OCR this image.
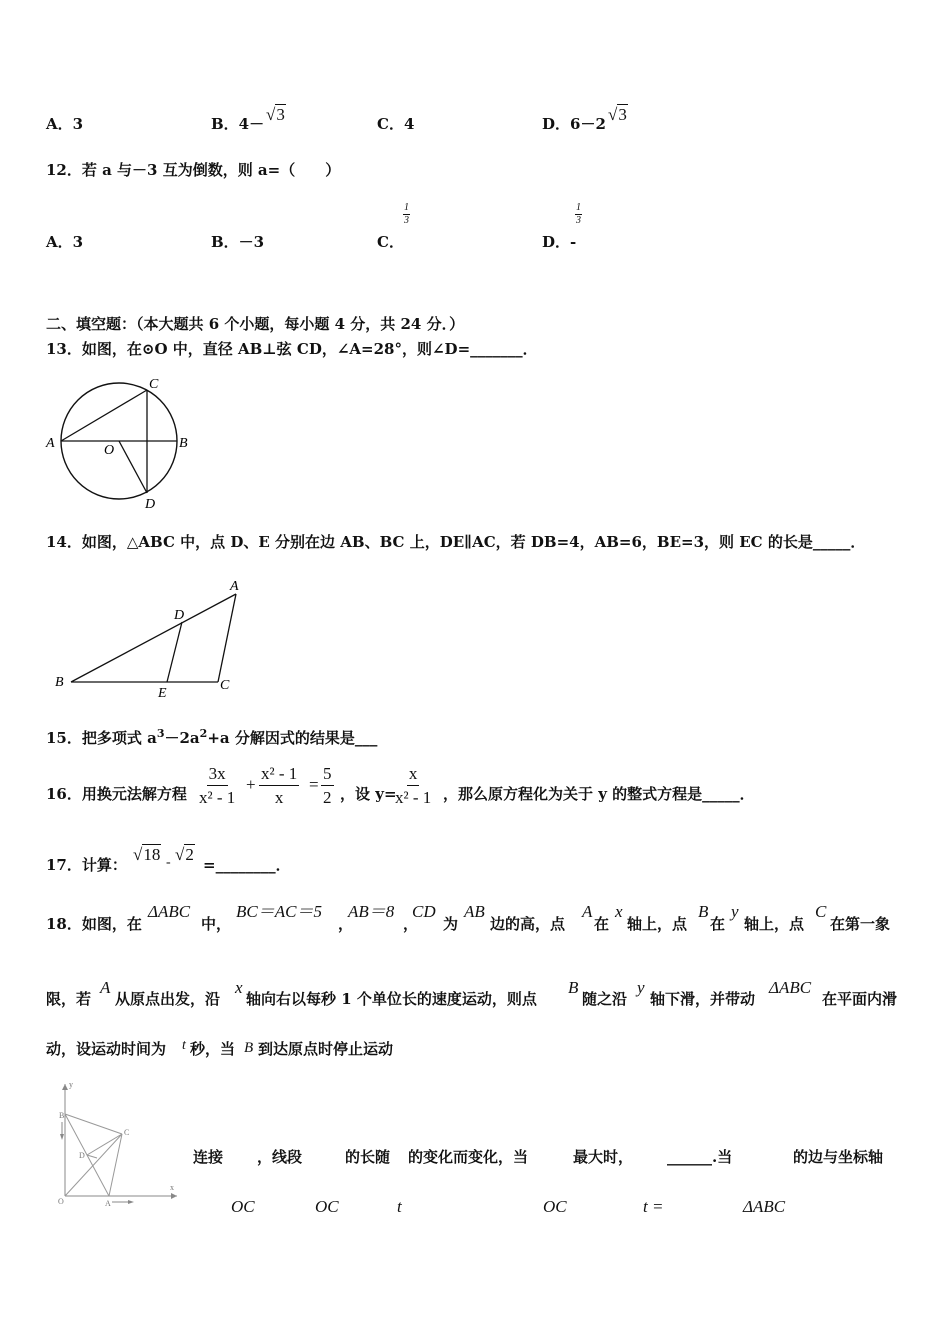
A．3	B．4－ √3	C．4	D．6－2 √3
12．若 a 与－3 互为倒数，则 a=（　　）
A．3	B．－3	C．
$\frac{1}{3}$
D．-
$\frac{1}{3}$
二、填空题：（本大题共 6 个小题，每小题 4 分，共 24 分．）
13．如图，在⊙O 中，直径 AB⊥弦 CD，∠A=28°，则∠D=_______．
A	B
C
D
O
14．如图，△ABC 中，点 D、E 分别在边 AB、BC 上，DE∥AC，若 DB=4，AB=6，BE=3，则 EC 的长是_____．
A
B	C
D
E
15．把多项式 $a^3-2a^2+a$ 分解因式的结果是___
16．用换元法解方程 $\frac{3x}{\text{x² - 1}} + \frac{\text{x² - 1}}{x} = \frac{5}{2}$ ，设 y=
$\frac{x}{\text{x² - 1}}$ ，那么原方程化为关于 y 的整式方程是_____．
17．计算：
√18 - √2
=________．
18．如图，在
ΔABC
中，
BC＝AC＝5
，
AB＝8
，
CD
为
AB
边的高，点
A
在
x
轴上，点
B
在
y
轴上，点
C
在第一象
限，若
A
从原点出发，沿
x
轴向右以每秒 1 个单位长的速度运动，则点
B
随之沿
y
轴下滑，并带动
ΔABC
在平面内滑
动，设运动时间为 t 秒，当 B 到达原点时停止运动
y
B
C
D
O	A
x
连接 ，线段	的长随 的变化而变化，当	最大时， ______.当	的边与坐标轴
OC	OC	t	OC	t =	ΔABC
